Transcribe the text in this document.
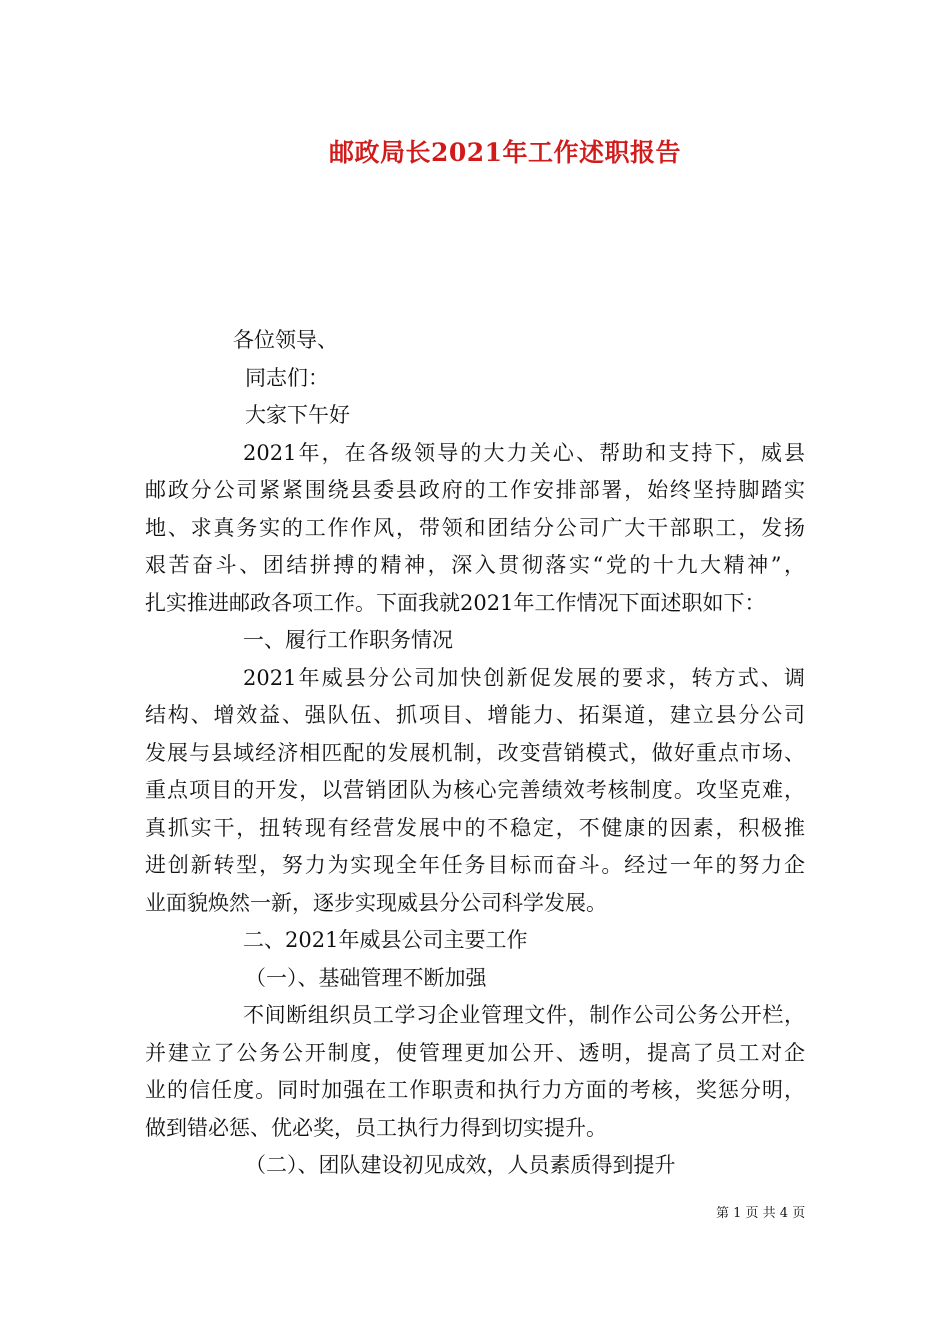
邮政局长2021年工作述职报告
各位领导、
同志们：
大家下午好
2021年，在各级领导的大力关心、帮助和支持下，威县
邮政分公司紧紧围绕县委县政府的工作安排部署，始终坚持脚踏实
地、求真务实的工作作风，带领和团结分公司广大干部职工，发扬
艰苦奋斗、团结拼搏的精神，深入贯彻落实“党的十九大精神”，
扎实推进邮政各项工作。下面我就2021年工作情况下面述职如下：
一、履行工作职务情况
2021年威县分公司加快创新促发展的要求，转方式、调
结构、增效益、强队伍、抓项目、增能力、拓渠道，建立县分公司
发展与县域经济相匹配的发展机制，改变营销模式，做好重点市场、
重点项目的开发，以营销团队为核心完善绩效考核制度。攻坚克难，
真抓实干，扭转现有经营发展中的不稳定，不健康的因素，积极推
进创新转型，努力为实现全年任务目标而奋斗。经过一年的努力企
业面貌焕然一新，逐步实现威县分公司科学发展。
二、2021年威县公司主要工作
（一）、基础管理不断加强
不间断组织员工学习企业管理文件，制作公司公务公开栏，
并建立了公务公开制度，使管理更加公开、透明，提高了员工对企
业的信任度。同时加强在工作职责和执行力方面的考核，奖惩分明，
做到错必惩、优必奖，员工执行力得到切实提升。
（二）、团队建设初见成效，人员素质得到提升
第 1 页 共 4 页
